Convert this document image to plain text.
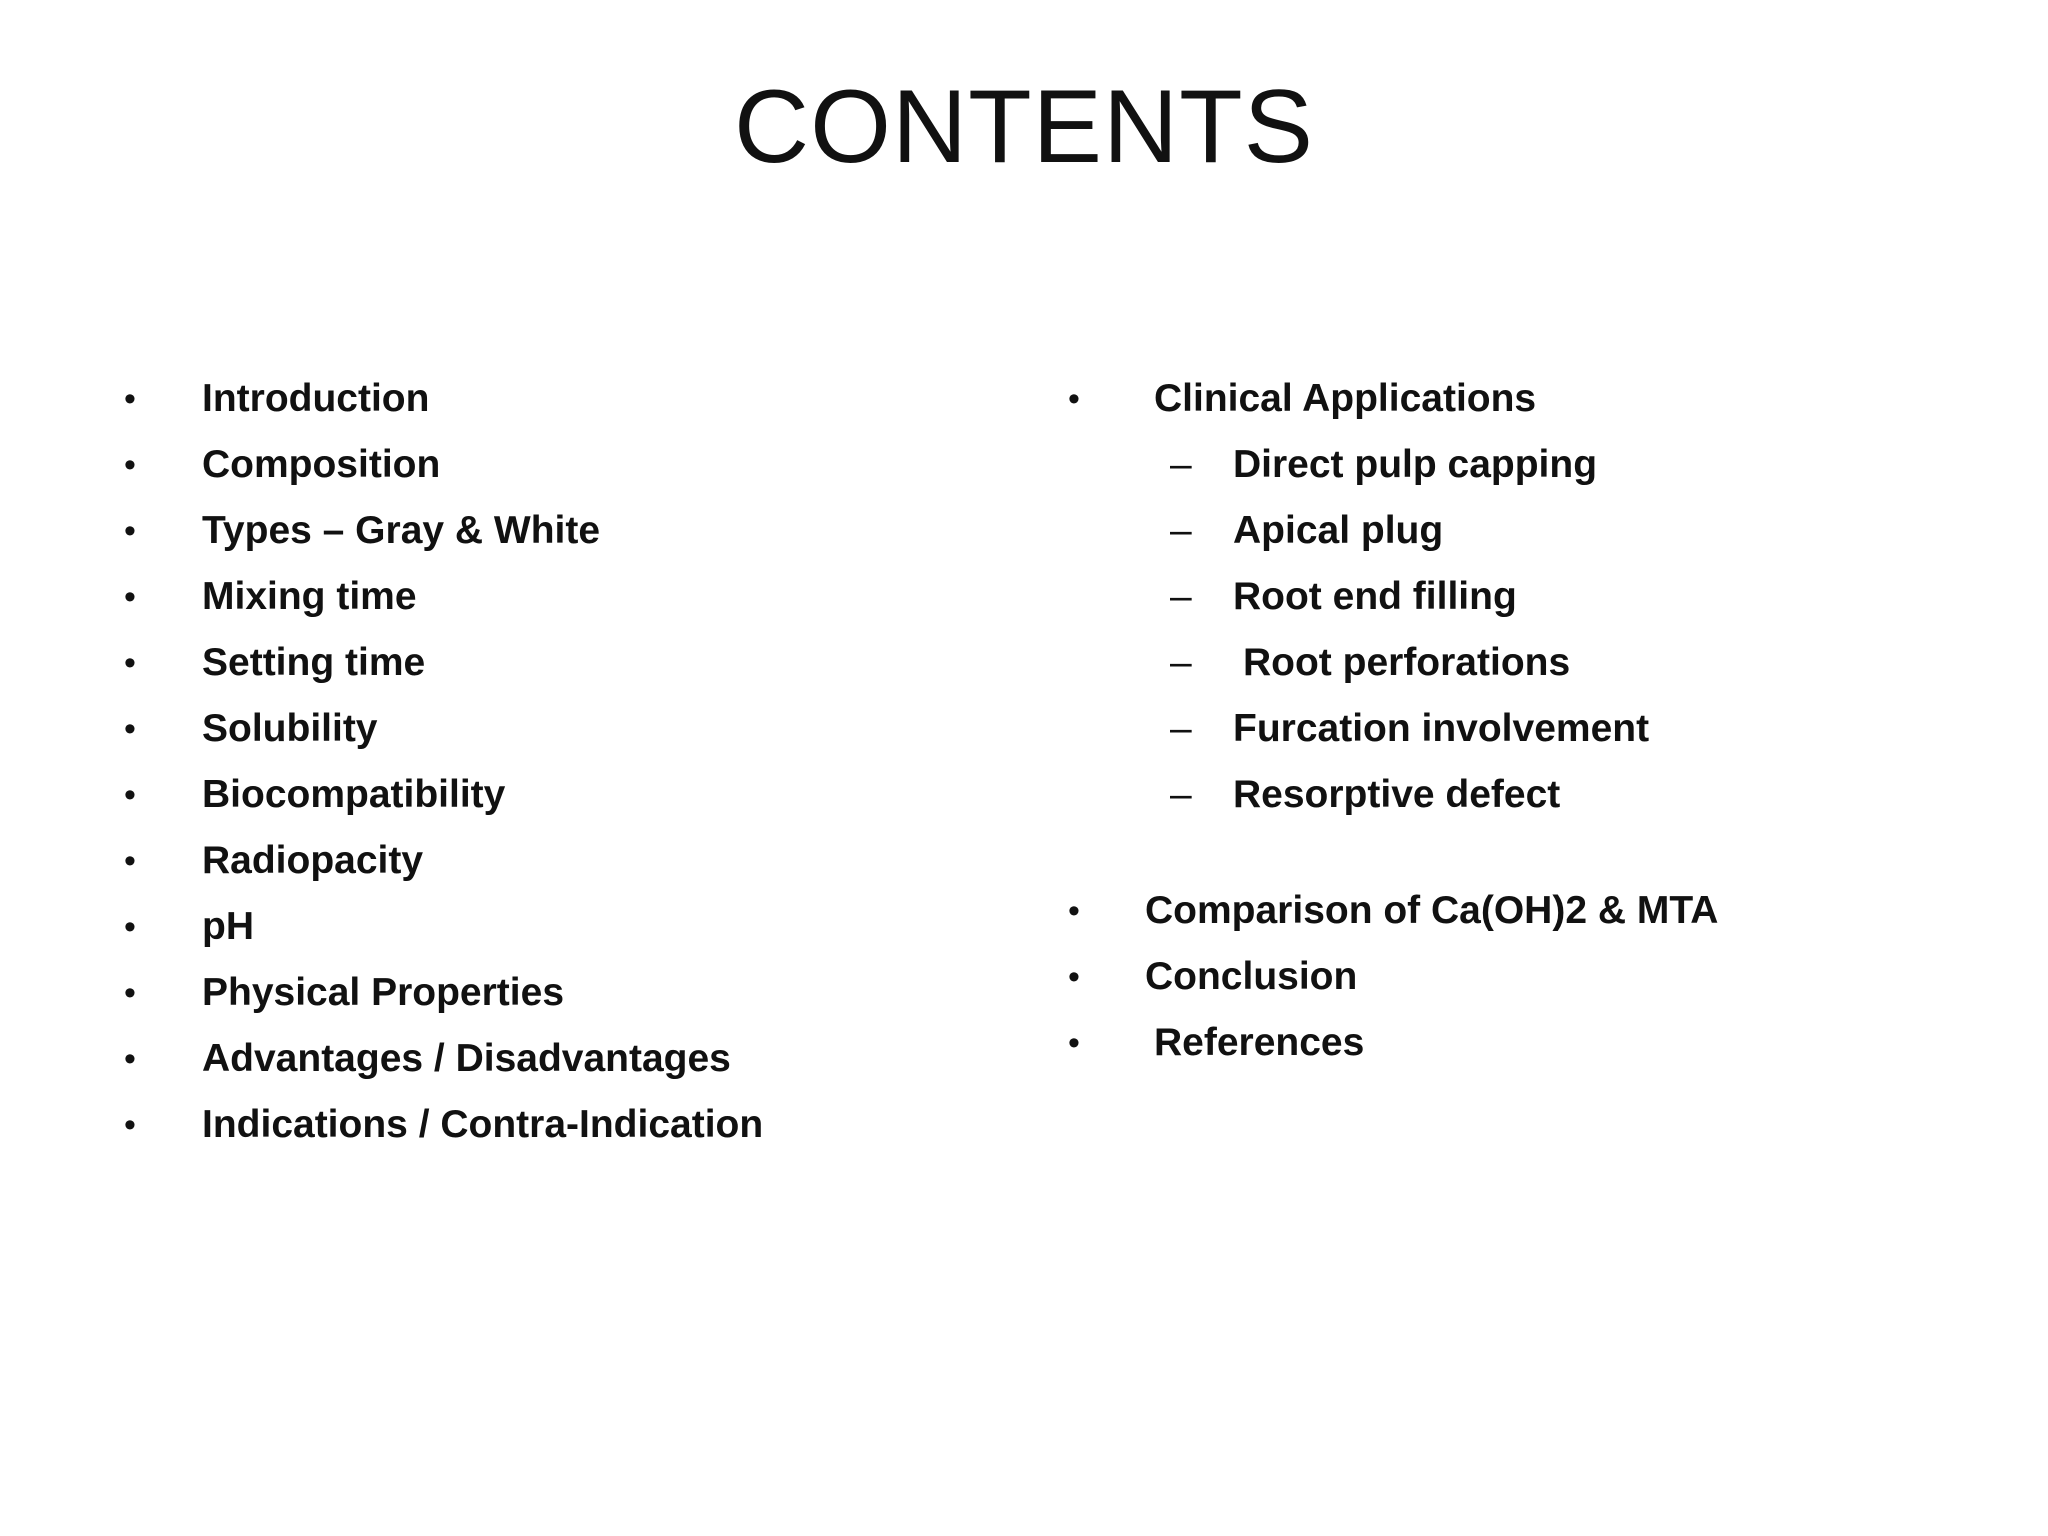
CONTENTS
• Introduction
• Composition
• Types – Gray & White
• Mixing time
• Setting time
• Solubility
• Biocompatibility
• Radiopacity
• pH
• Physical Properties
• Advantages / Disadvantages
• Indications / Contra-Indication
• Clinical Applications
– Direct pulp capping
– Apical plug
– Root end filling
– Root perforations
– Furcation involvement
– Resorptive defect
• Comparison of Ca(OH)2 & MTA
• Conclusion
• References
